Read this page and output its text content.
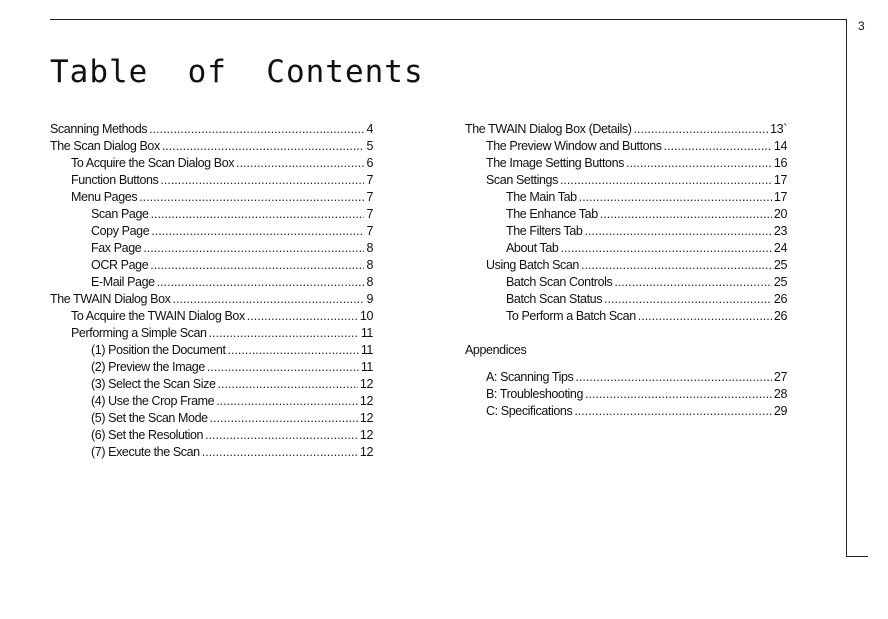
3
Table  of  Contents
Scanning Methods .....	4
The Scan Dialog Box .....	5
To Acquire the Scan Dialog Box .....	6
Function Buttons .....	7
Menu Pages .....	7
Scan Page .....	7
Copy Page .....	7
Fax Page .....	8
OCR Page .....	8
E-Mail Page .....	8
The TWAIN Dialog Box .....	9
To Acquire the TWAIN Dialog Box .....	10
Performing a Simple Scan .....	11
(1) Position the Document .....	11
(2) Preview the Image .....	11
(3) Select the Scan Size .....	12
(4) Use the Crop Frame .....	12
(5) Set the Scan Mode .....	12
(6) Set the Resolution .....	12
(7) Execute the Scan .....	12
The TWAIN Dialog Box (Details) .....	13`
The Preview Window and Buttons .....	14
The Image Setting Buttons .....	16
Scan Settings .....	17
The Main Tab .....	17
The Enhance Tab .....	20
The Filters Tab .....	23
About Tab .....	24
Using Batch Scan .....	25
Batch Scan Controls .....	25
Batch Scan Status .....	26
To Perform a Batch Scan .....	26
Appendices
A: Scanning Tips .....	27
B: Troubleshooting .....	28
C: Specifications .....	29
